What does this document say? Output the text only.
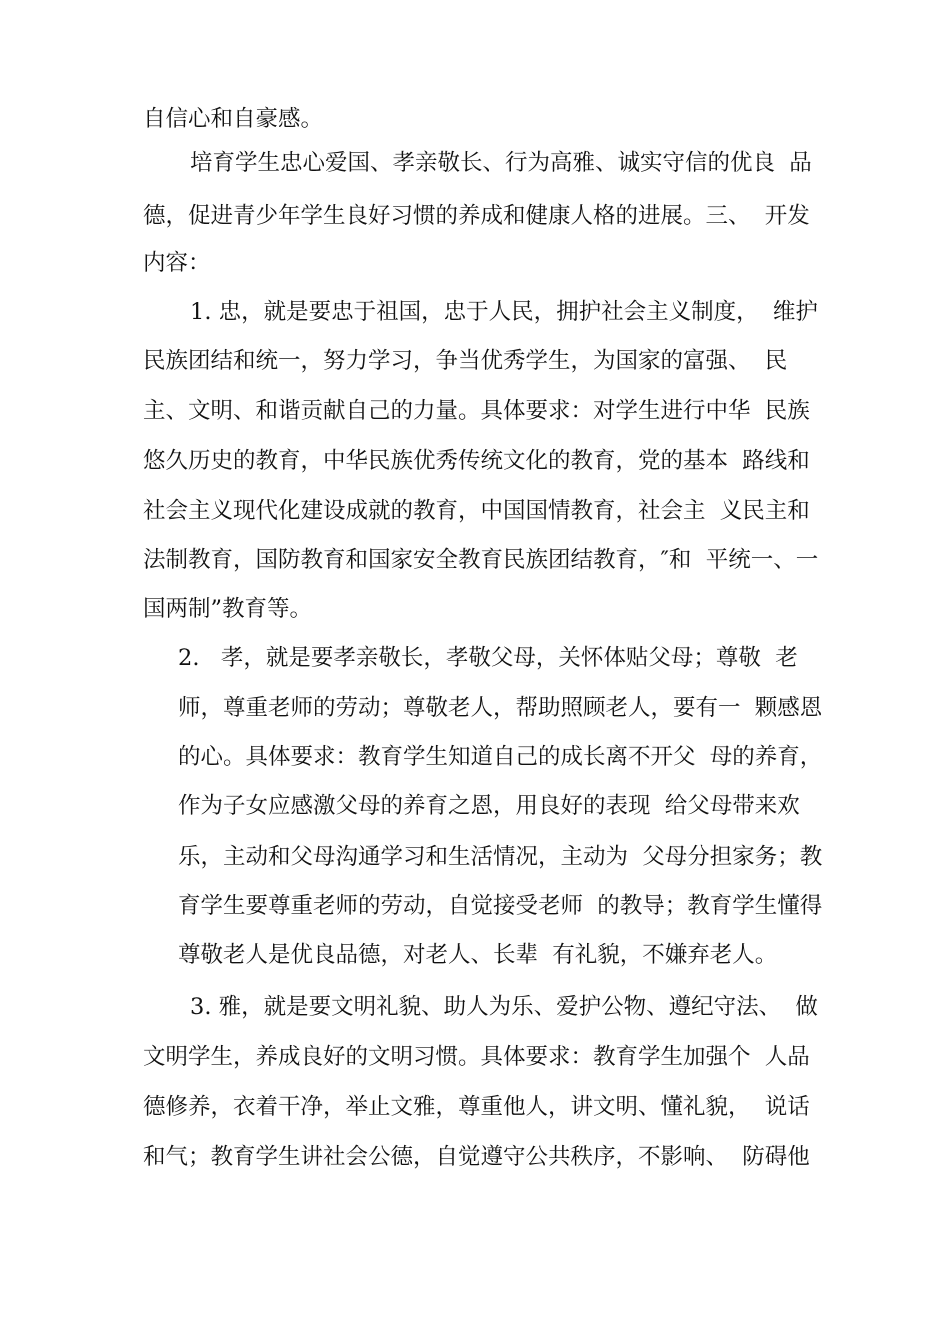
自信心和自豪感。
培育学生忠心爱国、孝亲敬长、行为高雅、诚实守信的优良  品
德，促进青少年学生良好习惯的养成和健康人格的进展。三、  开发
内容：
1. 忠，就是要忠于祖国，忠于人民，拥护社会主义制度，  维护
民族团结和统一，努力学习，争当优秀学生，为国家的富强、  民
主、文明、和谐贡献自己的力量。具体要求：对学生进行中华  民族
悠久历史的教育，中华民族优秀传统文化的教育，党的基本  路线和
社会主义现代化建设成就的教育，中国国情教育，社会主  义民主和
法制教育，国防教育和国家安全教育民族团结教育，″和  平统一、一
国两制”教育等。
2.   孝，就是要孝亲敬长，孝敬父母，关怀体贴父母；尊敬  老
师，尊重老师的劳动；尊敬老人，帮助照顾老人，要有一  颗感恩
的心。具体要求：教育学生知道自己的成长离不开父  母的养育，
作为子女应感激父母的养育之恩，用良好的表现  给父母带来欢
乐，主动和父母沟通学习和生活情况，主动为  父母分担家务；教
育学生要尊重老师的劳动，自觉接受老师  的教导；教育学生懂得
尊敬老人是优良品德，对老人、长辈  有礼貌，不嫌弃老人。
3. 雅，就是要文明礼貌、助人为乐、爱护公物、遵纪守法、  做
文明学生，养成良好的文明习惯。具体要求：教育学生加强个  人品
德修养，衣着干净，举止文雅，尊重他人，讲文明、懂礼貌，  说话
和气；教育学生讲社会公德，自觉遵守公共秩序，不影响、  防碍他
